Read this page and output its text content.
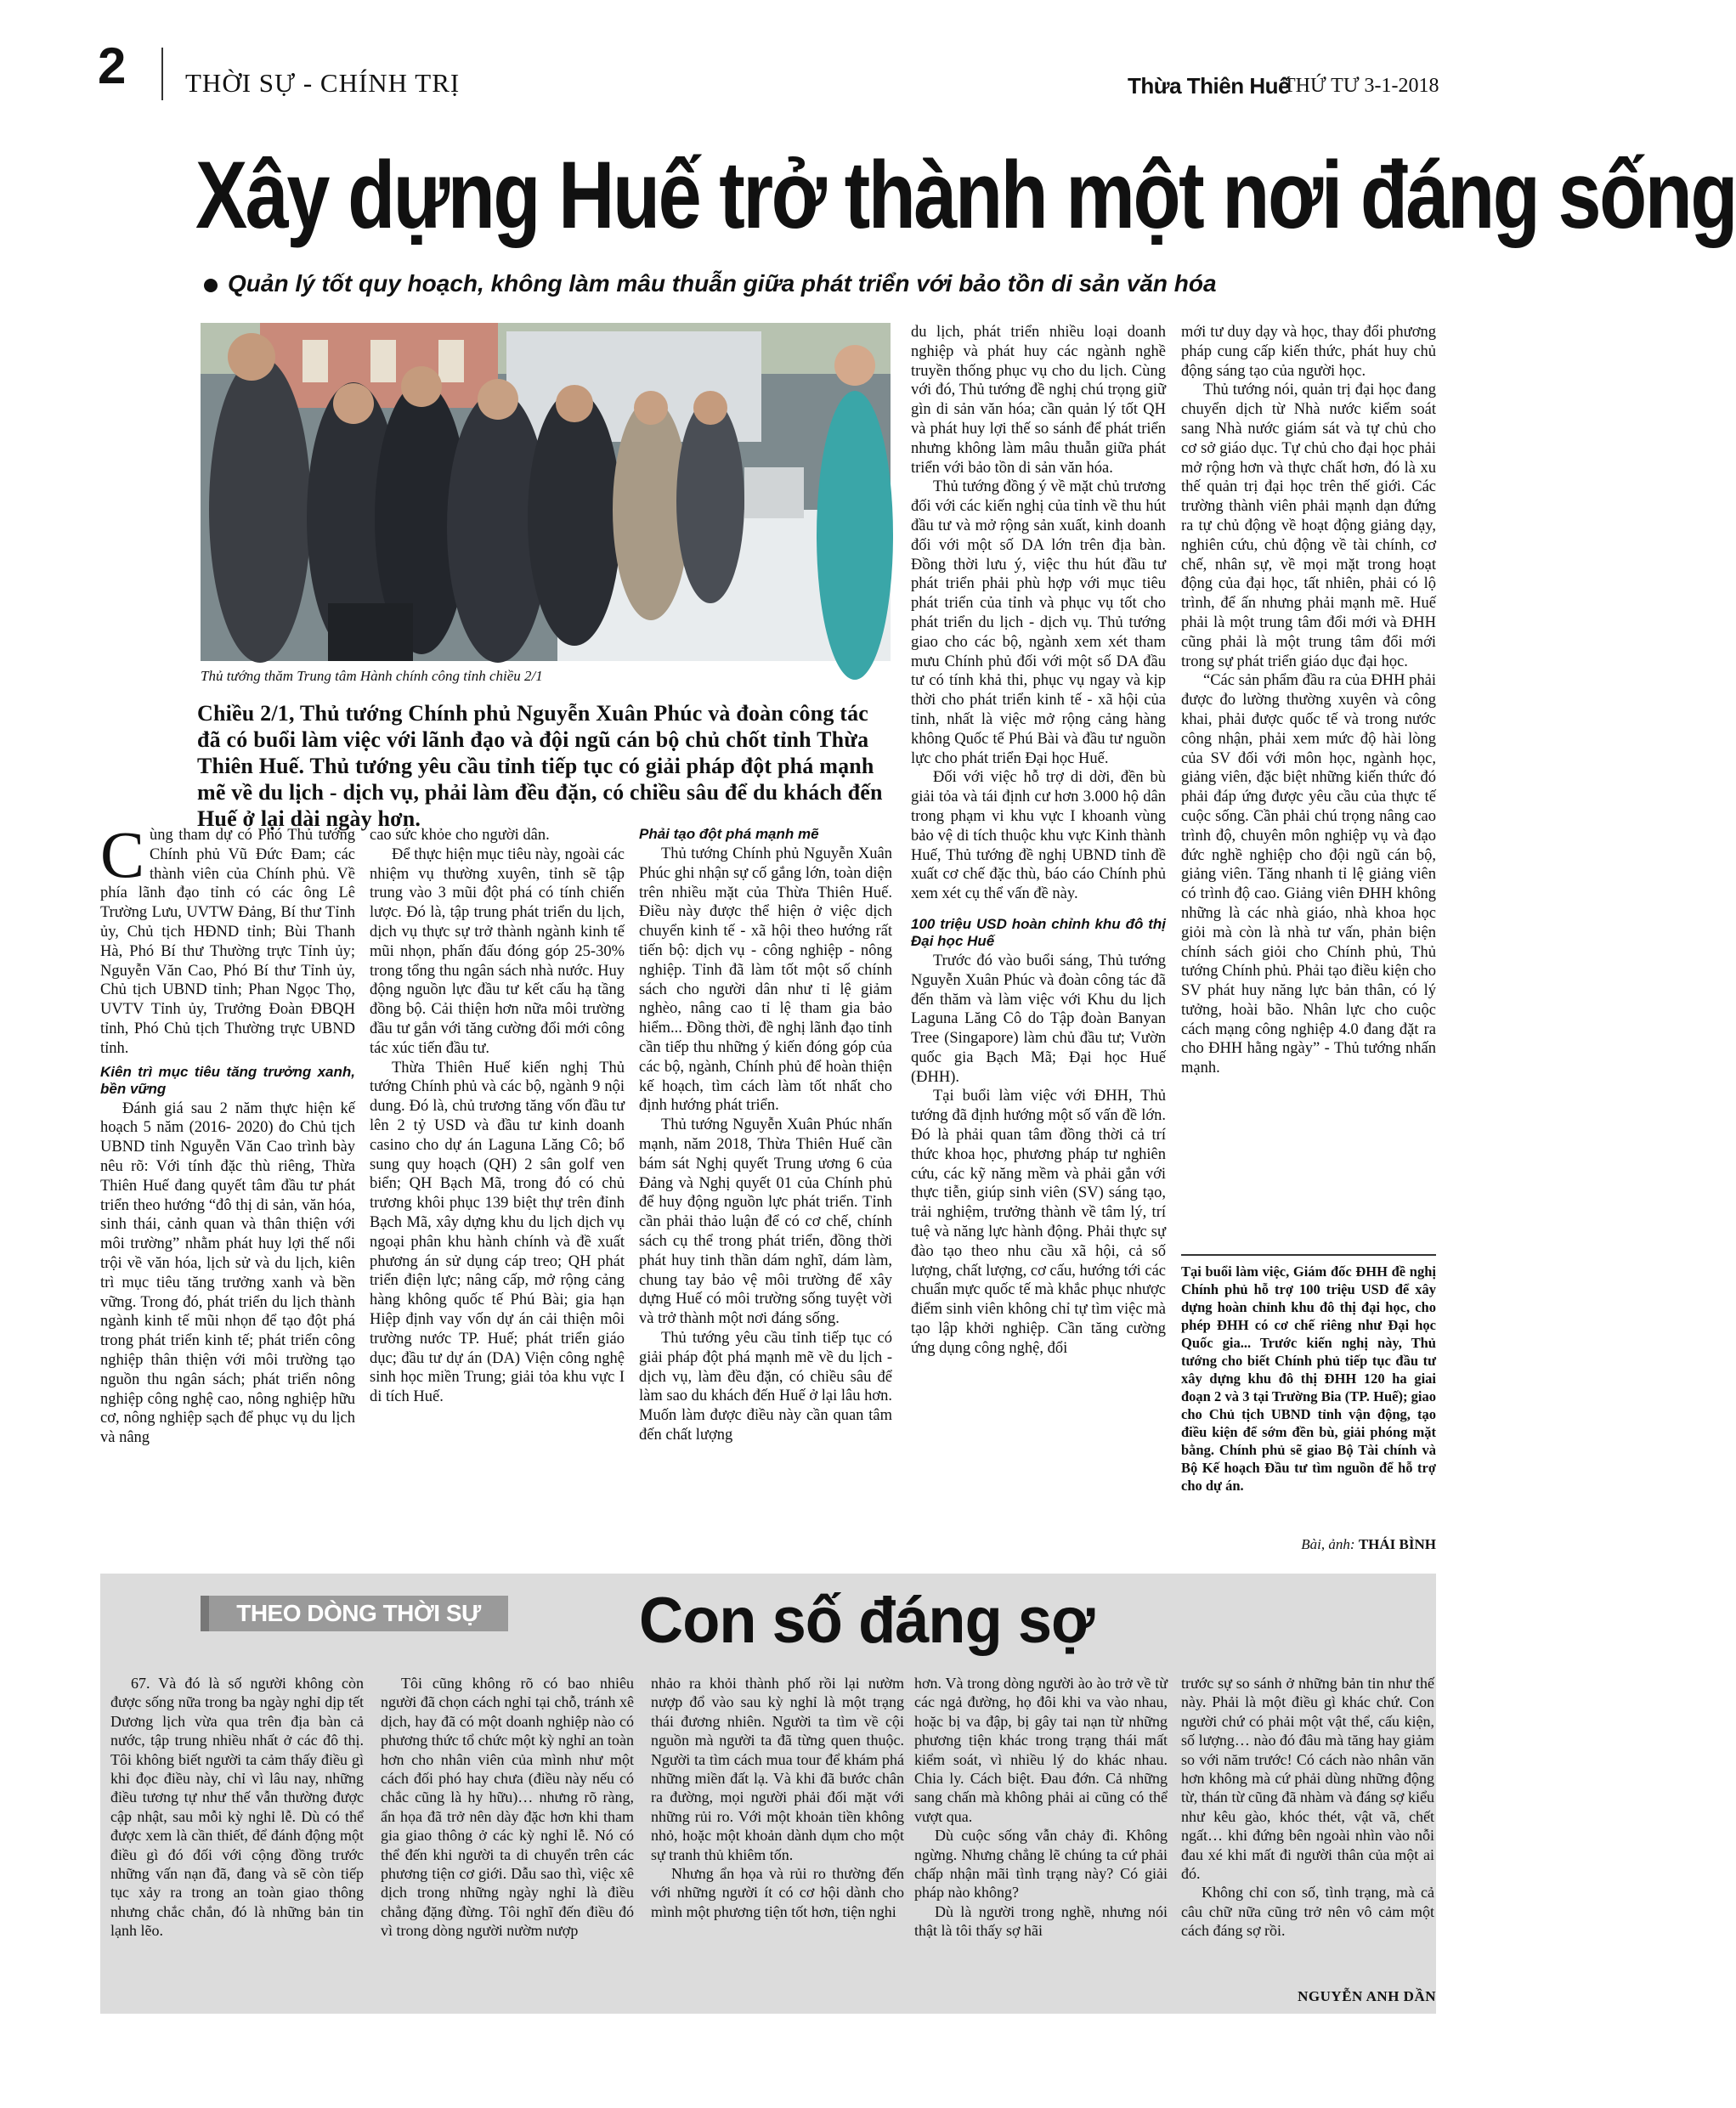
2 THỜI SỰ - CHÍNH TRỊ	Thừa Thiên Huế
THỨ TƯ 3-1-2018
Xây dựng Huế trở thành một nơi đáng sống
Quản lý tốt quy hoạch, không làm mâu thuẫn giữa phát triển với bảo tồn di sản văn hóa
Thủ tướng thăm Trung tâm Hành chính công tỉnh chiều 2/1
Chiều 2/1, Thủ tướng Chính phủ Nguyễn Xuân Phúc và đoàn công tác đã có buổi làm việc với lãnh đạo và đội ngũ cán bộ chủ chốt tỉnh Thừa Thiên Huế. Thủ tướng yêu cầu tỉnh tiếp tục có giải pháp đột phá mạnh mẽ về du lịch - dịch vụ, phải làm đều đặn, có chiều sâu để du khách đến Huế ở lại dài ngày hơn.

Cùng tham dự có Phó Thủ tướng Chính phủ Vũ Đức Đam; các thành viên của Chính phủ. Về phía lãnh đạo tỉnh có các ông Lê Trường Lưu, UVTW Đảng, Bí thư Tỉnh ủy, Chủ tịch HĐND tỉnh; Bùi Thanh Hà, Phó Bí thư Thường trực Tỉnh ủy; Nguyễn Văn Cao, Phó Bí thư Tỉnh ủy, Chủ tịch UBND tỉnh; Phan Ngọc Thọ, UVTV Tỉnh ủy, Trưởng Đoàn ĐBQH tỉnh, Phó Chủ tịch Thường trực UBND tỉnh.

Kiên trì mục tiêu tăng trưởng xanh, bền vững

Đánh giá sau 2 năm thực hiện kế hoạch 5 năm (2016- 2020) đo Chủ tịch UBND tỉnh Nguyễn Văn Cao trình bày nêu rõ: Với tính đặc thù riêng, Thừa Thiên Huế đang quyết tâm đầu tư phát triển theo hướng “đô thị di sản, văn hóa, sinh thái, cảnh quan và thân thiện với môi trường” nhằm phát huy lợi thế nổi trội về văn hóa, lịch sử và du lịch, kiên trì mục tiêu tăng trưởng xanh và bền vững. Trong đó, phát triển du lịch thành ngành kinh tế mũi nhọn để tạo đột phá trong phát triển kinh tế; phát triển công nghiệp thân thiện với môi trường tạo nguồn thu ngân sách; phát triển nông nghiệp công nghệ cao, nông nghiệp hữu cơ, nông nghiệp sạch để phục vụ du lịch và nâng

cao sức khỏe cho người dân.

Để thực hiện mục tiêu này, ngoài các nhiệm vụ thường xuyên, tỉnh sẽ tập trung vào 3 mũi đột phá có tính chiến lược. Đó là, tập trung phát triển du lịch, dịch vụ thực sự trở thành ngành kinh tế mũi nhọn, phấn đấu đóng góp 25-30% trong tổng thu ngân sách nhà nước. Huy động nguồn lực đầu tư kết cấu hạ tầng đồng bộ. Cải thiện hơn nữa môi trường đầu tư gắn với tăng cường đổi mới công tác xúc tiến đầu tư.

Thừa Thiên Huế kiến nghị Thủ tướng Chính phủ và các bộ, ngành 9 nội dung. Đó là, chủ trương tăng vốn đầu tư lên 2 tỷ USD và đầu tư kinh doanh casino cho dự án Laguna Lăng Cô; bổ sung quy hoạch (QH) 2 sân golf ven biển; QH Bạch Mã, trong đó có chủ trương khôi phục 139 biệt thự trên đỉnh Bạch Mã, xây dựng khu du lịch dịch vụ ngoại phân khu hành chính và đề xuất phương án sử dụng cáp treo; QH phát triển điện lực; nâng cấp, mở rộng cảng hàng không quốc tế Phú Bài; gia hạn Hiệp định vay vốn dự án cải thiện môi trường nước TP. Huế; phát triển giáo dục; đầu tư dự án (DA) Viện công nghệ sinh học miền Trung; giải tỏa khu vực I di tích Huế.

Phải tạo đột phá mạnh mẽ

Thủ tướng Chính phủ Nguyễn Xuân Phúc ghi nhận sự cố gắng lớn, toàn diện trên nhiều mặt của Thừa Thiên Huế. Điều này được thể hiện ở việc dịch chuyển kinh tế - xã hội theo hướng rất tiến bộ: dịch vụ - công nghiệp - nông nghiệp. Tỉnh đã làm tốt một số chính sách cho người dân như tỉ lệ giảm nghèo, nâng cao tỉ lệ tham gia bảo hiểm... Đồng thời, đề nghị lãnh đạo tỉnh cần tiếp thu những ý kiến đóng góp của các bộ, ngành, Chính phủ để hoàn thiện kế hoạch, tìm cách làm tốt nhất cho định hướng phát triển.

Thủ tướng Nguyễn Xuân Phúc nhấn mạnh, năm 2018, Thừa Thiên Huế cần bám sát Nghị quyết Trung ương 6 của Đảng và Nghị quyết 01 của Chính phủ để huy động nguồn lực phát triển. Tỉnh cần phải thảo luận để có cơ chế, chính sách cụ thể trong phát triển, đồng thời phát huy tinh thần dám nghĩ, dám làm, chung tay bảo vệ môi trường để xây dựng Huế có môi trường sống tuyệt vời và trở thành một nơi đáng sống.

Thủ tướng yêu cầu tỉnh tiếp tục có giải pháp đột phá mạnh mẽ về du lịch - dịch vụ, làm đều đặn, có chiều sâu để làm sao du khách đến Huế ở lại lâu hơn. Muốn làm được điều này cần quan tâm đến chất lượng

du lịch, phát triển nhiều loại doanh nghiệp và phát huy các ngành nghề truyền thống phục vụ cho du lịch. Cùng với đó, Thủ tướng đề nghị chú trọng giữ gìn di sản văn hóa; cần quản lý tốt QH và phát huy lợi thế so sánh để phát triển nhưng không làm mâu thuẫn giữa phát triển với bảo tồn di sản văn hóa.

Thủ tướng đồng ý về mặt chủ trương đối với các kiến nghị của tỉnh về thu hút đầu tư và mở rộng sản xuất, kinh doanh đối với một số DA lớn trên địa bàn. Đồng thời lưu ý, việc thu hút đầu tư phát triển phải phù hợp với mục tiêu phát triển của tỉnh và phục vụ tốt cho phát triển du lịch - dịch vụ. Thủ tướng giao cho các bộ, ngành xem xét tham mưu Chính phủ đối với một số DA đầu tư có tính khả thi, phục vụ ngay và kịp thời cho phát triển kinh tế - xã hội của tỉnh, nhất là việc mở rộng cảng hàng không Quốc tế Phú Bài và đầu tư nguồn lực cho phát triển Đại học Huế.

Đối với việc hỗ trợ di dời, đền bù giải tỏa và tái định cư hơn 3.000 hộ dân trong phạm vi khu vực I khoanh vùng bảo vệ di tích thuộc khu vực Kinh thành Huế, Thủ tướng đề nghị UBND tỉnh đề xuất cơ chế đặc thù, báo cáo Chính phủ xem xét cụ thể vấn đề này.

100 triệu USD hoàn chỉnh khu đô thị Đại học Huế

Trước đó vào buổi sáng, Thủ tướng Nguyễn Xuân Phúc và đoàn công tác đã đến thăm và làm việc với Khu du lịch Laguna Lăng Cô do Tập đoàn Banyan Tree (Singapore) làm chủ đầu tư; Vườn quốc gia Bạch Mã; Đại học Huế (ĐHH).

Tại buổi làm việc với ĐHH, Thủ tướng đã định hướng một số vấn đề lớn. Đó là phải quan tâm đồng thời cả trí thức khoa học, phương pháp tư nghiên cứu, các kỹ năng mềm và phải gắn với thực tiễn, giúp sinh viên (SV) sáng tạo, trải nghiệm, trưởng thành về tâm lý, trí tuệ và năng lực hành động. Phải thực sự đào tạo theo nhu cầu xã hội, cả số lượng, chất lượng, cơ cấu, hướng tới các chuẩn mực quốc tế mà khắc phục nhược điểm sinh viên không chỉ tự tìm việc mà tạo lập khởi nghiệp. Cần tăng cường ứng dụng công nghệ, đổi

mới tư duy dạy và học, thay đổi phương pháp cung cấp kiến thức, phát huy chủ động sáng tạo của người học.

Thủ tướng nói, quản trị đại học đang chuyển dịch từ Nhà nước kiểm soát sang Nhà nước giám sát và tự chủ cho cơ sở giáo dục. Tự chủ cho đại học phải mở rộng hơn và thực chất hơn, đó là xu thế quản trị đại học trên thế giới. Các trường thành viên phải mạnh dạn đứng ra tự chủ động về hoạt động giảng dạy, nghiên cứu, chủ động về tài chính, cơ chế, nhân sự, về mọi mặt trong hoạt động của đại học, tất nhiên, phải có lộ trình, để ấn nhưng phải mạnh mẽ. Huế phải là một trung tâm đổi mới và ĐHH cũng phải là một trung tâm đổi mới trong sự phát triển giáo dục đại học.

“Các sản phẩm đầu ra của ĐHH phải được đo lường thường xuyên và công khai, phải được quốc tế và trong nước công nhận, phải xem mức độ hài lòng của SV đối với môn học, ngành học, giảng viên, đặc biệt những kiến thức đó phải đáp ứng được yêu cầu của thực tế cuộc sống. Cần phải chú trọng nâng cao trình độ, chuyên môn nghiệp vụ và đạo đức nghề nghiệp cho đội ngũ cán bộ, giảng viên. Tăng nhanh tỉ lệ giảng viên có trình độ cao. Giảng viên ĐHH không những là các nhà giáo, nhà khoa học giỏi mà còn là nhà tư vấn, phản biện chính sách giỏi cho Chính phủ, Thủ tướng Chính phủ. Phải tạo điều kiện cho SV phát huy năng lực bản thân, có lý tưởng, hoài bão. Nhân lực cho cuộc cách mạng công nghiệp 4.0 đang đặt ra cho ĐHH hằng ngày” - Thủ tướng nhấn mạnh.

Tại buổi làm việc, Giám đốc ĐHH đề nghị Chính phủ hỗ trợ 100 triệu USD để xây dựng hoàn chỉnh khu đô thị đại học, cho phép ĐHH có cơ chế riêng như Đại học Quốc gia... Trước kiến nghị này, Thủ tướng cho biết Chính phủ tiếp tục đầu tư xây dựng khu đô thị ĐHH 120 ha giai đoạn 2 và 3 tại Trường Bia (TP. Huế); giao cho Chủ tịch UBND tỉnh vận động, tạo điều kiện để sớm đền bù, giải phóng mặt bằng. Chính phủ sẽ giao Bộ Tài chính và Bộ Kế hoạch Đầu tư tìm nguồn để hỗ trợ cho dự án.
Bài, ảnh: THÁI BÌNH
THEO DÒNG THỜI SỰ	Con số đáng sợ

67. Và đó là số người không còn được sống nữa trong ba ngày nghỉ dịp tết Dương lịch vừa qua trên địa bàn cả nước, tập trung nhiều nhất ở các đô thị. Tôi không biết người ta cảm thấy điều gì khi đọc điều này, chỉ vì lâu nay, những điều tương tự như thế vẫn thường được cập nhật, sau mỗi kỳ nghỉ lễ. Dù có thể được xem là cần thiết, để đánh động một điều gì đó đối với cộng đồng trước những vấn nạn đã, đang và sẽ còn tiếp tục xảy ra trong an toàn giao thông nhưng chắc chắn, đó là những bản tin lạnh lẽo.

Tôi cũng không rõ có bao nhiêu người đã chọn cách nghỉ tại chỗ, tránh xê dịch, hay đã có một doanh nghiệp nào có phương thức tổ chức một kỳ nghỉ an toàn hơn cho nhân viên của mình như một cách đối phó hay chưa (điều này nếu có chắc cũng là hy hữu)… nhưng rõ ràng, ẩn họa đã trở nên dày đặc hơn khi tham gia giao thông ở các kỳ nghỉ lễ. Nó có thể đến khi người ta di chuyển trên các phương tiện cơ giới. Dẫu sao thì, việc xê dịch trong những ngày nghỉ là điều chẳng đặng đừng. Tôi nghĩ đến điều đó vì trong dòng người nườm nượp

nhảo ra khỏi thành phố rồi lại nườm nượp đổ vào sau kỳ nghỉ là một trạng thái đương nhiên. Người ta tìm về cội nguồn mà người ta đã từng quen thuộc. Người ta tìm cách mua tour để khám phá những miền đất lạ. Và khi đã bước chân ra đường, mọi người phải đối mặt với những rủi ro. Với một khoản tiền không nhỏ, hoặc một khoản dành dụm cho một sự tranh thủ khiêm tốn.

Nhưng ẩn họa và rủi ro thường đến với những người ít có cơ hội dành cho mình một phương tiện tốt hơn, tiện nghi

hơn. Và trong dòng người ào ào trở về từ các ngả đường, họ đôi khi va vào nhau, hoặc bị va đập, bị gây tai nạn từ những phương tiện khác trong trạng thái mất kiểm soát, vì nhiều lý do khác nhau. Chia ly. Cách biệt. Đau đớn. Cả những sang chấn mà không phải ai cũng có thể vượt qua.

Dù cuộc sống vẫn chảy đi. Không ngừng. Nhưng chẳng lẽ chúng ta cứ phải chấp nhận mãi tình trạng này? Có giải pháp nào không?

Dù là người trong nghề, nhưng nói thật là tôi thấy sợ hãi

trước sự so sánh ở những bản tin như thế này. Phải là một điều gì khác chứ. Con người chứ có phải một vật thể, cấu kiện, số lượng… nào đó đâu mà tăng hay giảm so với năm trước! Có cách nào nhân văn hơn không mà cứ phải dùng những động từ, thán từ cũng đã nhàm và đáng sợ kiểu như kêu gào, khóc thét, vật vã, chết ngất… khi đứng bên ngoài nhìn vào nỗi đau xé khi mất đi người thân của một ai đó.

Không chỉ con số, tình trạng, mà cả câu chữ nữa cũng trở nên vô cảm một cách đáng sợ rồi.

NGUYỄN ANH DẦN
